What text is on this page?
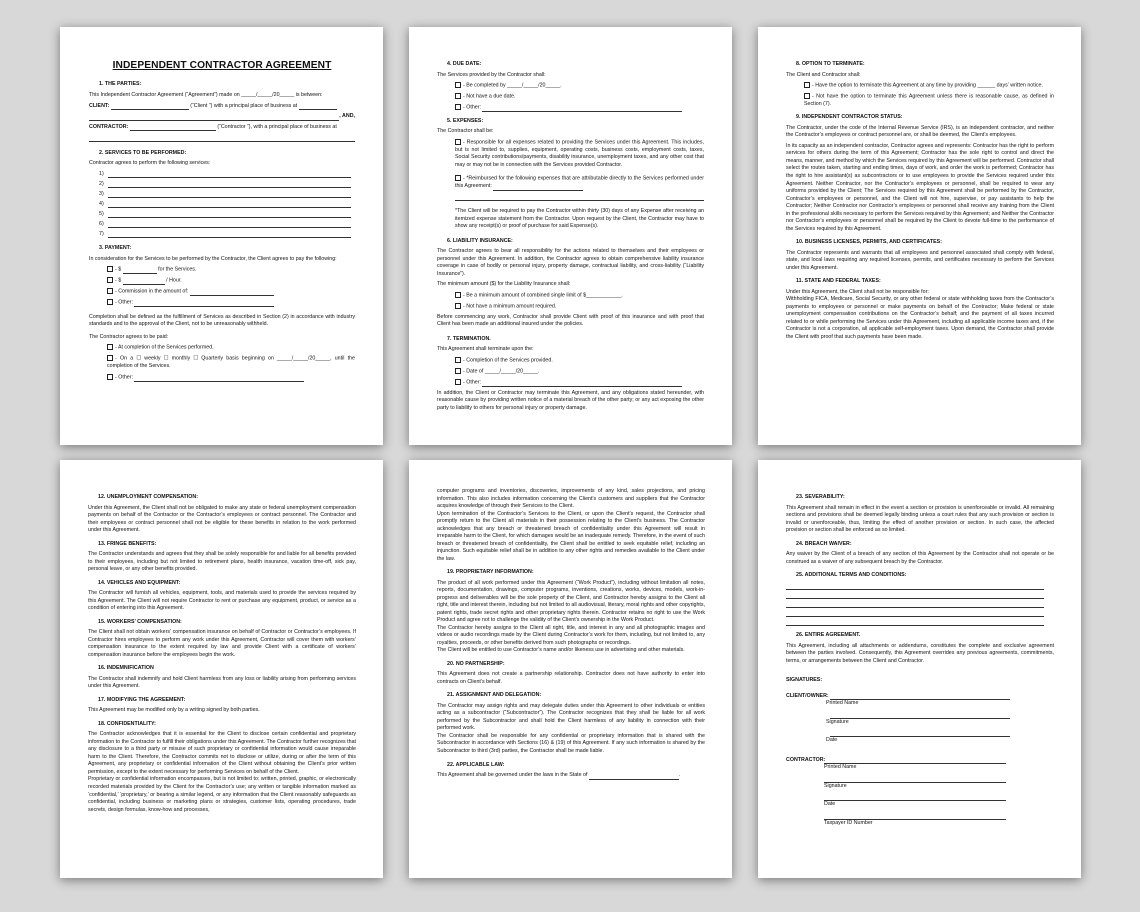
INDEPENDENT CONTRACTOR AGREEMENT
1. THE PARTIES:
This Independent Contractor Agreement (“Agreement”) made on _____/_____/20_____ is between:
CLIENT:	(“Client ”) with a principal place of business at
, AND,
CONTRACTOR:	(“Contractor ”), with a principal place of business at
2. SERVICES TO BE PERFORMED:
Contractor agrees to perform the following services:
1)
2)
3)
4)
5)
6)
7)
3. PAYMENT:
In consideration for the Services to be performed by the Contractor, the Client agrees to pay the following:
- $	for the Services.
- $	/ Hour.
- Commission in the amount of:
- Other:
Completion shall be defined as the fulfillment of Services as described in Section (2) in accordance with industry standards and to the approval of the Client, not to be unreasonably withheld.
The Contractor agrees to be paid:
- At completion of the Services performed.
- On a ☐ weekly ☐ monthly ☐ Quarterly basis beginning on _____/_____/20_____, until the completion of the Services.
- Other:
4. DUE DATE:
The Services provided by the Contractor shall:
- Be completed by _____/_____/20_____.
- Not have a due date.
- Other:
5. EXPENSES:
The Contractor shall be:
- Responsible for all expenses related to providing the Services under this Agreement. This includes, but is not limited to, supplies, equipment, operating costs, business costs, employment costs, taxes, Social Security contributions/payments, disability insurance, unemployment taxes, and any other cost that may or may not be in connection with the Services provided Contractor.
- *Reimbursed for the following expenses that are attributable directly to the Services performed under this Agreement:
*The Client will be required to pay the Contractor within thirty (30) days of any Expense after receiving an itemized expense statement from the Contractor. Upon request by the Client, the Contractor may have to show any receipt(s) or proof of purchase for said Expense(s).
6. LIABILITY INSURANCE:
The Contractor agrees to bear all responsibility for the actions related to themselves and their employees or personnel under this Agreement. In addition, the Contractor agrees to obtain comprehensive liability insurance coverage in case of bodily or personal injury, property damage, contractual liability, and cross-liability (“Liability Insurance”).
The minimum amount ($) for the Liability Insurance shall:
- Be a minimum amount of combined single limit of $____________.
- Not have a minimum amount required.
Before commencing any work, Contractor shall provide Client with proof of this insurance and with proof that Client has been made an additional insured under the policies.
7. TERMINATION.
This Agreement shall terminate upon the:
- Completion of the Services provided.
- Date of _____/_____/20_____.
- Other:
In addition, the Client or Contractor may terminate this Agreement, and any obligations stated hereunder, with reasonable cause by providing written notice of a material breach of the other party; or any act exposing the other party to liability to others for personal injury or property damage.
8. OPTION TO TERMINATE:
The Client and Contractor shall:
- Have the option to terminate this Agreement at any time by providing ______ days’ written notice.
- Not have the option to terminate this Agreement unless there is reasonable cause, as defined in Section (7).
9. INDEPENDENT CONTRACTOR STATUS:
The Contractor, under the code of the Internal Revenue Service (IRS), is an independent contractor, and neither the Contractor’s employees or contract personnel are, or shall be deemed, the Client’s employees.
In its capacity as an independent contractor, Contractor agrees and represents: Contractor has the right to perform services for others during the term of this Agreement; Contractor has the sole right to control and direct the means, manner, and method by which the Services required by this Agreement will be performed. Contractor shall select the routes taken, starting and ending times, days of work, and order the work is performed; Contractor has the right to hire assistant(s) as subcontractors or to use employees to provide the Services required under this Agreement. Neither Contractor, nor the Contractor’s employees or personnel, shall be required to wear any uniforms provided by the Client; The Services required by this Agreement shall be performed by the Contractor, Contractor’s employees or personnel, and the Client will not hire, supervise, or pay assistants to help the Contractor; Neither Contractor nor Contractor’s employees or personnel shall receive any training from the Client in the professional skills necessary to perform the Services required by this Agreement; and Neither the Contractor nor Contractor’s employees or personnel shall be required by the Client to devote full-time to the performance of the Services required by this Agreement.
10. BUSINESS LICENSES, PERMITS, AND CERTIFICATES:
The Contractor represents and warrants that all employees and personnel associated shall comply with federal, state, and local laws requiring any required licenses, permits, and certificates necessary to perform the Services under this Agreement.
11. STATE AND FEDERAL TAXES:
Under this Agreement, the Client shall not be responsible for:
Withholding FICA, Medicare, Social Security, or any other federal or state withholding taxes from the Contractor’s payments to employees or personnel or make payments on behalf of the Contractor; Make federal or state unemployment compensation contributions on the Contractor’s behalf; and the payment of all taxes incurred related to or while performing the Services under this Agreement, including all applicable income taxes and, if the Contractor is not a corporation, all applicable self-employment taxes. Upon demand, the Contractor shall provide the Client with proof that such payments have been made.
12. UNEMPLOYMENT COMPENSATION:
Under this Agreement, the Client shall not be obligated to make any state or federal unemployment compensation payments on behalf of the Contractor or the Contractor’s employees or contract personnel. The Contractor and their employees or contract personnel shall not be eligible for these benefits in relation to the work performed under this Agreement.
13. FRINGE BENEFITS:
The Contractor understands and agrees that they shall be solely responsible for and liable for all benefits provided to their employees, including but not limited to retirement plans, health insurance, vacation time-off, sick pay, personal leave, or any other benefits provided.
14. VEHICLES AND EQUIPMENT:
The Contractor will furnish all vehicles, equipment, tools, and materials used to provide the services required by this Agreement. The Client will not require Contractor to rent or purchase any equipment, product, or service as a condition of entering into this Agreement.
15. WORKERS’ COMPENSATION:
The Client shall not obtain workers’ compensation insurance on behalf of Contractor or Contractor’s employees. If Contractor hires employees to perform any work under this Agreement, Contractor will cover them with workers’ compensation insurance to the extent required by law and provide Client with a certificate of workers’ compensation insurance before the employees begin the work.
16. INDEMNIFICATION
The Contractor shall indemnify and hold Client harmless from any loss or liability arising from performing services under this Agreement.
17. MODIFYING THE AGREEMENT:
This Agreement may be modified only by a writing signed by both parties.
18. CONFIDENTIALITY:
The Contractor acknowledges that it is essential for the Client to disclose certain confidential and proprietary information to the Contractor to fulfill their obligations under this Agreement. The Contractor further recognizes that any disclosure to a third party or misuse of such proprietary or confidential information would cause irreparable harm to the Client. Therefore, the Contractor commits not to disclose or utilize, during or after the term of this Agreement, any proprietary or confidential information of the Client without obtaining the Client’s prior written permission, except to the extent necessary for performing Services on behalf of the Client.
Proprietary or confidential information encompasses, but is not limited to: written, printed, graphic, or electronically recorded materials provided by the Client for the Contractor’s use; any written or tangible information marked as ‘confidential,’ ‘proprietary,’ or bearing a similar legend, or any information that the Client reasonably safeguards as confidential, including business or marketing plans or strategies, customer lists, operating procedures, trade secrets, design formulas, know-how and processes,
computer programs and inventories, discoveries, improvements of any kind, sales projections, and pricing information. This also includes information concerning the Client’s customers and suppliers that the Contractor acquires knowledge of through their Services to the Client.
Upon termination of the Contractor’s Services to the Client, or upon the Client’s request, the Contractor shall promptly return to the Client all materials in their possession relating to the Client’s business. The Contractor acknowledges that any breach or threatened breach of confidentiality under this Agreement will result in irreparable harm to the Client, for which damages would be an inadequate remedy. Therefore, in the event of such breach or threatened breach of confidentiality, the Client shall be entitled to seek equitable relief, including an injunction. Such equitable relief shall be in addition to any other rights and remedies available to the Client under the law.
19. PROPRIETARY INFORMATION:
The product of all work performed under this Agreement (“Work Product”), including without limitation all notes, reports, documentation, drawings, computer programs, inventions, creations, works, devices, models, work-in-progress and deliverables will be the sole property of the Client, and Contractor hereby assigns to the Client all right, title and interest therein, including but not limited to all audiovisual, literary, moral rights and other copyrights, patent rights, trade secret rights and other proprietary rights therein. Contractor retains no right to use the Work Product and agree not to challenge the validity of the Client’s ownership in the Work Product.
The Contractor hereby assigns to the Client all right, title, and interest in any and all photographic images and videos or audio recordings made by the Client during Contractor’s work for them, including, but not limited to, any royalties, proceeds, or other benefits derived from such photographs or recordings.
The Client will be entitled to use Contractor’s name and/or likeness use in advertising and other materials.
20. NO PARTNERSHIP:
This Agreement does not create a partnership relationship. Contractor does not have authority to enter into contracts on Client’s behalf.
21. ASSIGNMENT AND DELEGATION:
The Contractor may assign rights and may delegate duties under this Agreement to other individuals or entities acting as a subcontractor (“Subcontractor”). The Contractor recognizes that they shall be liable for all work performed by the Subcontractor and shall hold the Client harmless of any liability in connection with their performed work.
The Contractor shall be responsible for any confidential or proprietary information that is shared with the Subcontractor in accordance with Sections (16) & (19) of this Agreement. If any such information is shared by the Subcontractor to third (3rd) parties, the Contractor shall be made liable.
22. APPLICABLE LAW:
This Agreement shall be governed under the laws in the State of	.
23. SEVERABILITY:
This Agreement shall remain in effect in the event a section or provision is unenforceable or invalid. All remaining sections and provisions shall be deemed legally binding unless a court rules that any such provision or section is invalid or unenforceable, thus, limiting the effect of another provision or section. In such case, the affected provision or section shall be enforced as so limited.
24. BREACH WAIVER:
Any waiver by the Client of a breach of any section of this Agreement by the Contractor shall not operate or be construed as a waiver of any subsequent breach by the Contractor.
25. ADDITIONAL TERMS AND CONDITIONS:
26. ENTIRE AGREEMENT.
This Agreement, including all attachments or addendums, constitutes the complete and exclusive agreement between the parties involved. Consequently, this Agreement overrides any previous agreements, commitments, terms, or arrangements between the Client and Contractor.
SIGNATURES:
CLIENT/OWNER:
Printed Name
Signature
Date
CONTRACTOR:
Printed Name
Signature
Date
Taxpayer ID Number
